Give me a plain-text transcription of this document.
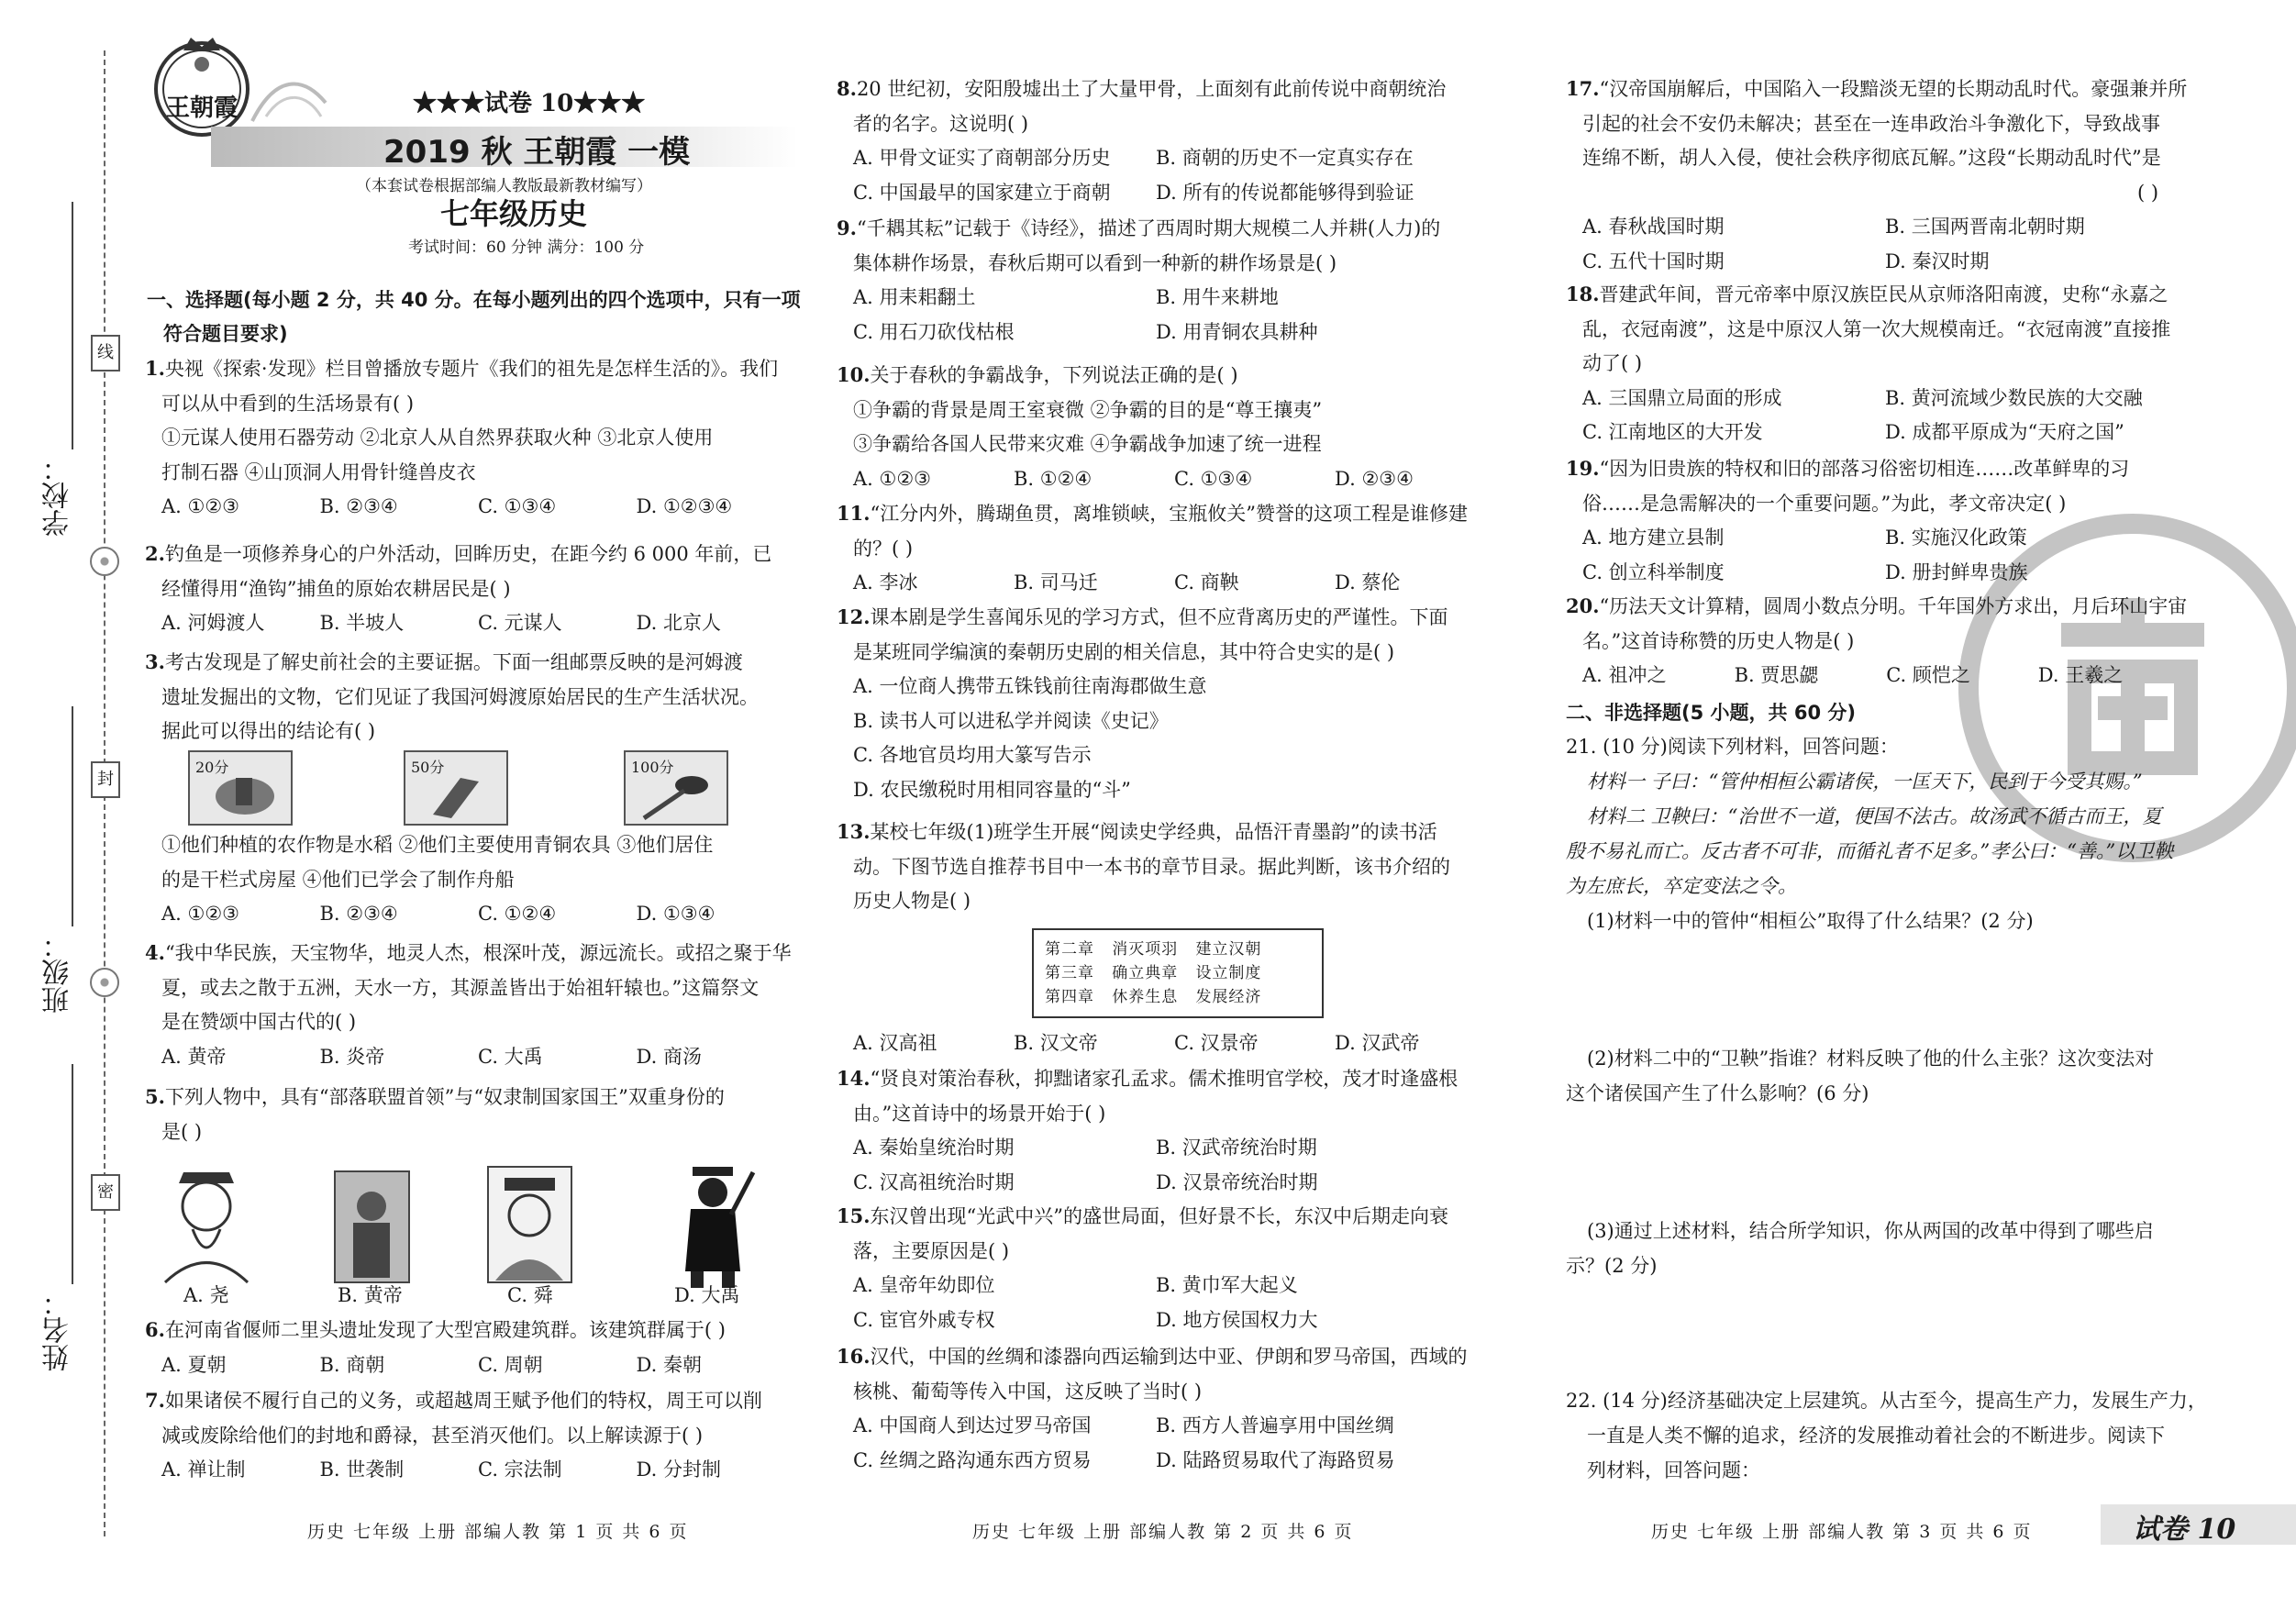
学校：
班级：
姓名：
线
封
密
王朝霞	★★★试卷 10★★★
2019 秋 王朝霞 一模
（本套试卷根据部编人教版最新教材编写）
七年级历史
考试时间：60 分钟 满分：100 分
一、选择题(每小题 2 分，共 40 分。在每小题列出的四个选项中，只有一项
符合题目要求)
20分	50分	100分
第二章 消灭项羽 建立汉朝
第三章 确立典章 设立制度
第四章 休养生息 发展经济
二、非选择题(5 小题，共 60 分)
21. (10 分)阅读下列材料，回答问题：
材料一 子曰：“管仲相桓公霸诸侯，一匡天下，民到于今受其赐。”
材料二 卫鞅曰：“治世不一道，便国不法古。故汤武不循古而王，夏
殷不易礼而亡。反古者不可非，而循礼者不足多。”孝公曰：“善。”以卫鞅
为左庶长，卒定变法之令。
(1)材料一中的管仲“相桓公”取得了什么结果？(2 分)
(2)材料二中的“卫鞅”指谁？材料反映了他的什么主张？这次变法对
这个诸侯国产生了什么影响？(6 分)
(3)通过上述材料，结合所学知识，你从两国的改革中得到了哪些启
示？(2 分)
22. (14 分)经济基础决定上层建筑。从古至今，提高生产力，发展生产力，
一直是人类不懈的追求，经济的发展推动着社会的不断进步。阅读下
列材料，回答问题：
历史 七年级 上册 部编人教 第 1 页 共 6 页	历史 七年级 上册 部编人教 第 2 页 共 6 页	历史 七年级 上册 部编人教 第 3 页 共 6 页	试卷 10
1.央视《探索·发现》栏目曾播放专题片《我们的祖先是怎样生活的》。我们
可以从中看到的生活场景有( )
①元谋人使用石器劳动 ②北京人从自然界获取火种 ③北京人使用
打制石器 ④山顶洞人用骨针缝兽皮衣
A. ①②③	B. ②③④	C. ①③④	D. ①②③④
2.钓鱼是一项修养身心的户外活动，回眸历史，在距今约 6 000 年前，已
经懂得用“渔钩”捕鱼的原始农耕居民是( )
A. 河姆渡人	B. 半坡人	C. 元谋人	D. 北京人
3.考古发现是了解史前社会的主要证据。下面一组邮票反映的是河姆渡
遗址发掘出的文物，它们见证了我国河姆渡原始居民的生产生活状况。
据此可以得出的结论有( )
①他们种植的农作物是水稻 ②他们主要使用青铜农具 ③他们居住
的是干栏式房屋 ④他们已学会了制作舟船
A. ①②③	B. ②③④	C. ①②④	D. ①③④
4.“我中华民族，天宝物华，地灵人杰，根深叶茂，源远流长。或招之聚于华
夏，或去之散于五洲，天水一方，其源盖皆出于始祖轩辕也。”这篇祭文
是在赞颂中国古代的( )
A. 黄帝	B. 炎帝	C. 大禹	D. 商汤
5.下列人物中，具有“部落联盟首领”与“奴隶制国家国王”双重身份的
是( )
A. 尧	B. 黄帝	C. 舜	D. 大禹
6.在河南省偃师二里头遗址发现了大型宫殿建筑群。该建筑群属于( )
A. 夏朝	B. 商朝	C. 周朝	D. 秦朝
7.如果诸侯不履行自己的义务，或超越周王赋予他们的特权，周王可以削
减或废除给他们的封地和爵禄，甚至消灭他们。以上解读源于( )
A. 禅让制	B. 世袭制	C. 宗法制	D. 分封制
8.20 世纪初，安阳殷墟出土了大量甲骨，上面刻有此前传说中商朝统治
者的名字。这说明( )
A. 甲骨文证实了商朝部分历史 B. 商朝的历史不一定真实存在
C. 中国最早的国家建立于商朝 D. 所有的传说都能够得到验证
9.“千耦其耘”记载于《诗经》，描述了西周时期大规模二人并耕(人力)的
集体耕作场景，春秋后期可以看到一种新的耕作场景是( )
A. 用耒耜翻土	B. 用牛来耕地
C. 用石刀砍伐枯根	D. 用青铜农具耕种
10.关于春秋的争霸战争，下列说法正确的是( )
①争霸的背景是周王室衰微 ②争霸的目的是“尊王攘夷”
③争霸给各国人民带来灾难 ④争霸战争加速了统一进程
A. ①②③	B. ①②④	C. ①③④	D. ②③④
11.“江分内外，腾瑚鱼贯，离堆锁峡，宝瓶攸关”赞誉的这项工程是谁修建
的？( )
A. 李冰	B. 司马迁	C. 商鞅	D. 蔡伦
12.课本剧是学生喜闻乐见的学习方式，但不应背离历史的严谨性。下面
是某班同学编演的秦朝历史剧的相关信息，其中符合史实的是( )
A. 一位商人携带五铢钱前往南海郡做生意
B. 读书人可以进私学并阅读《史记》
C. 各地官员均用大篆写告示
D. 农民缴税时用相同容量的“斗”
13.某校七年级(1)班学生开展“阅读史学经典，品悟汗青墨韵”的读书活
动。下图节选自推荐书目中一本书的章节目录。据此判断，该书介绍的
历史人物是( )
A. 汉高祖	B. 汉文帝	C. 汉景帝	D. 汉武帝
14.“贤良对策治春秋，抑黜诸家孔孟求。儒术推明官学校，茂才时逢盛根
由。”这首诗中的场景开始于( )
A. 秦始皇统治时期	B. 汉武帝统治时期
C. 汉高祖统治时期	D. 汉景帝统治时期
15.东汉曾出现“光武中兴”的盛世局面，但好景不长，东汉中后期走向衰
落，主要原因是( )
A. 皇帝年幼即位	B. 黄巾军大起义
C. 宦官外戚专权	D. 地方侯国权力大
16.汉代，中国的丝绸和漆器向西运输到达中亚、伊朗和罗马帝国，西域的
核桃、葡萄等传入中国，这反映了当时( )
A. 中国商人到达过罗马帝国	B. 西方人普遍享用中国丝绸
C. 丝绸之路沟通东西方贸易	D. 陆路贸易取代了海路贸易
17.“汉帝国崩解后，中国陷入一段黯淡无望的长期动乱时代。豪强兼并所
引起的社会不安仍未解决；甚至在一连串政治斗争激化下，导致战事
连绵不断，胡人入侵，使社会秩序彻底瓦解。”这段“长期动乱时代”是
( )
A. 春秋战国时期	B. 三国两晋南北朝时期
C. 五代十国时期	D. 秦汉时期
18.晋建武年间，晋元帝率中原汉族臣民从京师洛阳南渡，史称“永嘉之
乱，衣冠南渡”，这是中原汉人第一次大规模南迁。“衣冠南渡”直接推
动了( )
A. 三国鼎立局面的形成	B. 黄河流域少数民族的大交融
C. 江南地区的大开发	D. 成都平原成为“天府之国”
19.“因为旧贵族的特权和旧的部落习俗密切相连……改革鲜卑的习
俗……是急需解决的一个重要问题。”为此，孝文帝决定( )
A. 地方建立县制	B. 实施汉化政策
C. 创立科举制度	D. 册封鲜卑贵族
20.“历法天文计算精，圆周小数点分明。千年国外方求出，月后环山宇宙
名。”这首诗称赞的历史人物是( )
A. 祖冲之	B. 贾思勰	C. 顾恺之	D. 王羲之
